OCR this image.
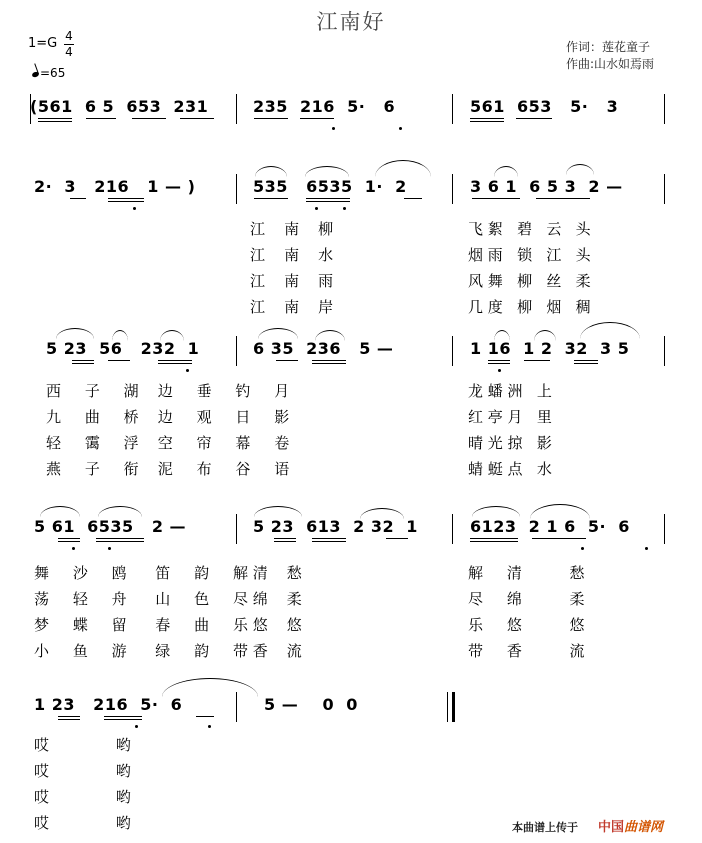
江南好
作词：莲花童子
作曲:山水如焉雨
1=G 4
4
=65
(561  6 5  653  231	235  216  5·   6	561  653   5·   3
2·  3   216   1 — )	535   6535  1·  2	3 6 1  6 5 3  2 —
江    南    柳	飞 絮   碧   云   头
江    南    水	烟 雨   锁   江   头
江    南    雨	风 舞   柳   丝   柔
江    南    岸	几 度   柳   烟   稠
5 23  56   232  1	6 35  236   5 —	1 16  1 2  32  3 5
西     子     湖    边     垂     钓     月	龙 蟠 洲   上
九     曲     桥    边     观     日     影	红 亭 月   里
轻     霭     浮    空     帘     幕     卷	晴 光 掠   影
燕     子     衔    泥     布     谷     语	蜻 蜓 点   水
5 61  6535   2 —	5 23  613  2 32  1	6123  2 1 6  5·  6
舞     沙     鸥      笛     韵     解 清    愁	解     清          愁
荡     轻     舟      山     色     尽 绵    柔	尽     绵          柔
梦     蝶     留      春     曲     乐 悠    悠	乐     悠          悠
小     鱼     游      绿     韵     带 香    流	带     香          流
1 23   216  5·  6	5 —    0  0
哎              哟
哎              哟
哎              哟
哎              哟	本曲谱上传于 中国曲谱网
